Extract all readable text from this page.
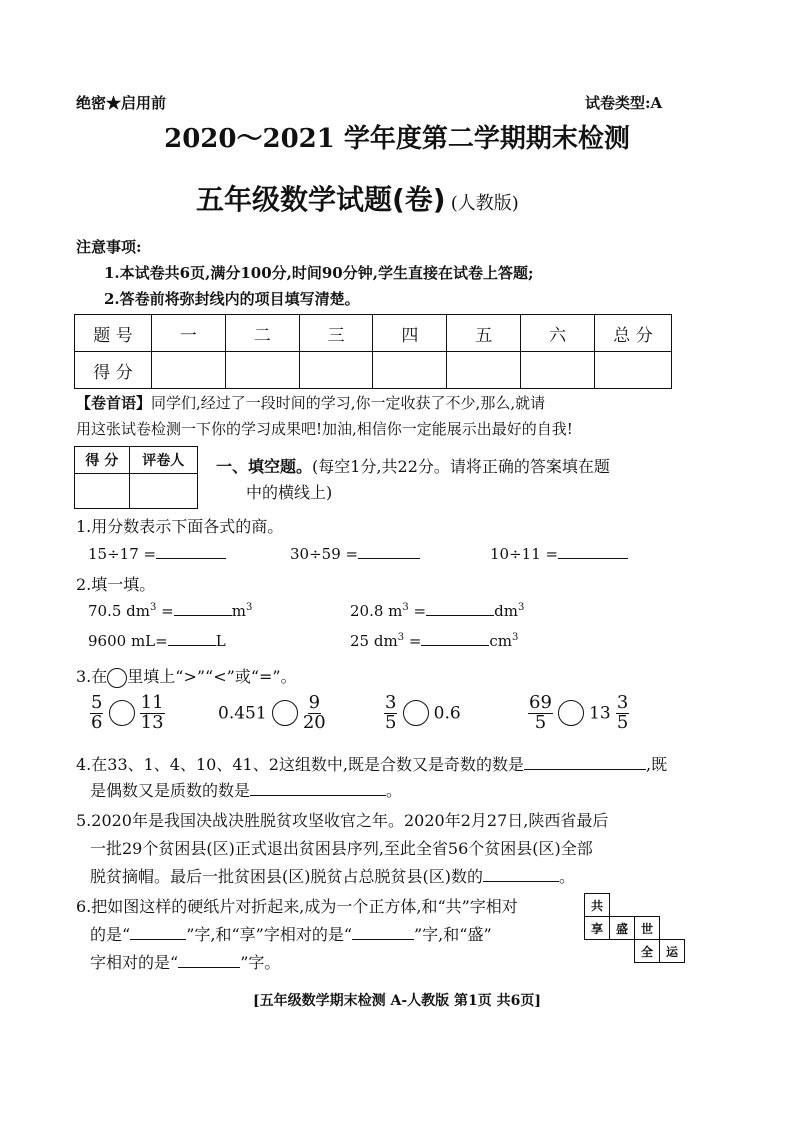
绝密★启用前	试卷类型:A
2020～2021 学年度第二学期期末检测
五年级数学试题(卷) (人教版)
注意事项:
1.本试卷共6页,满分100分,时间90分钟,学生直接在试卷上答题;
2.答卷前将弥封线内的项目填写清楚。
题 号	一	二	三	四	五	六	总 分
得 分							
【卷首语】同学们,经过了一段时间的学习,你一定收获了不少,那么,就请
用这张试卷检测一下你的学习成果吧!加油,相信你一定能展示出最好的自我!
得 分	评卷人
	一、填空题。(每空1分,共22分。请将正确的答案填在题
中的横线上)
1.用分数表示下面各式的商。
15÷17 =	30÷59 =	10÷11 =
2.填一填。
70.5 $dm^3$ =	$m^3$	20.8 $m^3$ =	$dm^3$
9600 mL=	L	25 $dm^3$ =	$cm^3$
3.在 里填上“>”“<”或“=”。
$\frac{5}{6}$
$\frac{11}{13}$	$0.451 \frac{9}{20}$	$\frac{3}{5} 0.6$	$\frac{69}{5} 13 \frac{3}{5}$
4.在33、1、4、10、41、2这组数中,既是合数又是奇数的数是	,既
是偶数又是质数的数是	。
5.2020年是我国决战决胜脱贫攻坚收官之年。2020年2月27日,陕西省最后
一批29个贫困县(区)正式退出贫困县序列,至此全省56个贫困县(区)全部
脱贫摘帽。最后一批贫困县(区)脱贫占总脱贫县(区)数的	。
6.把如图这样的硬纸片对折起来,成为一个正方体,和“共”字相对
的是“	”字,和“享”字相对的是“	”字,和“盛”
字相对的是“	”字。
共			
享	盛	世	
		全	运
[五年级数学期末检测 A-人教版 第1页 共6页]
